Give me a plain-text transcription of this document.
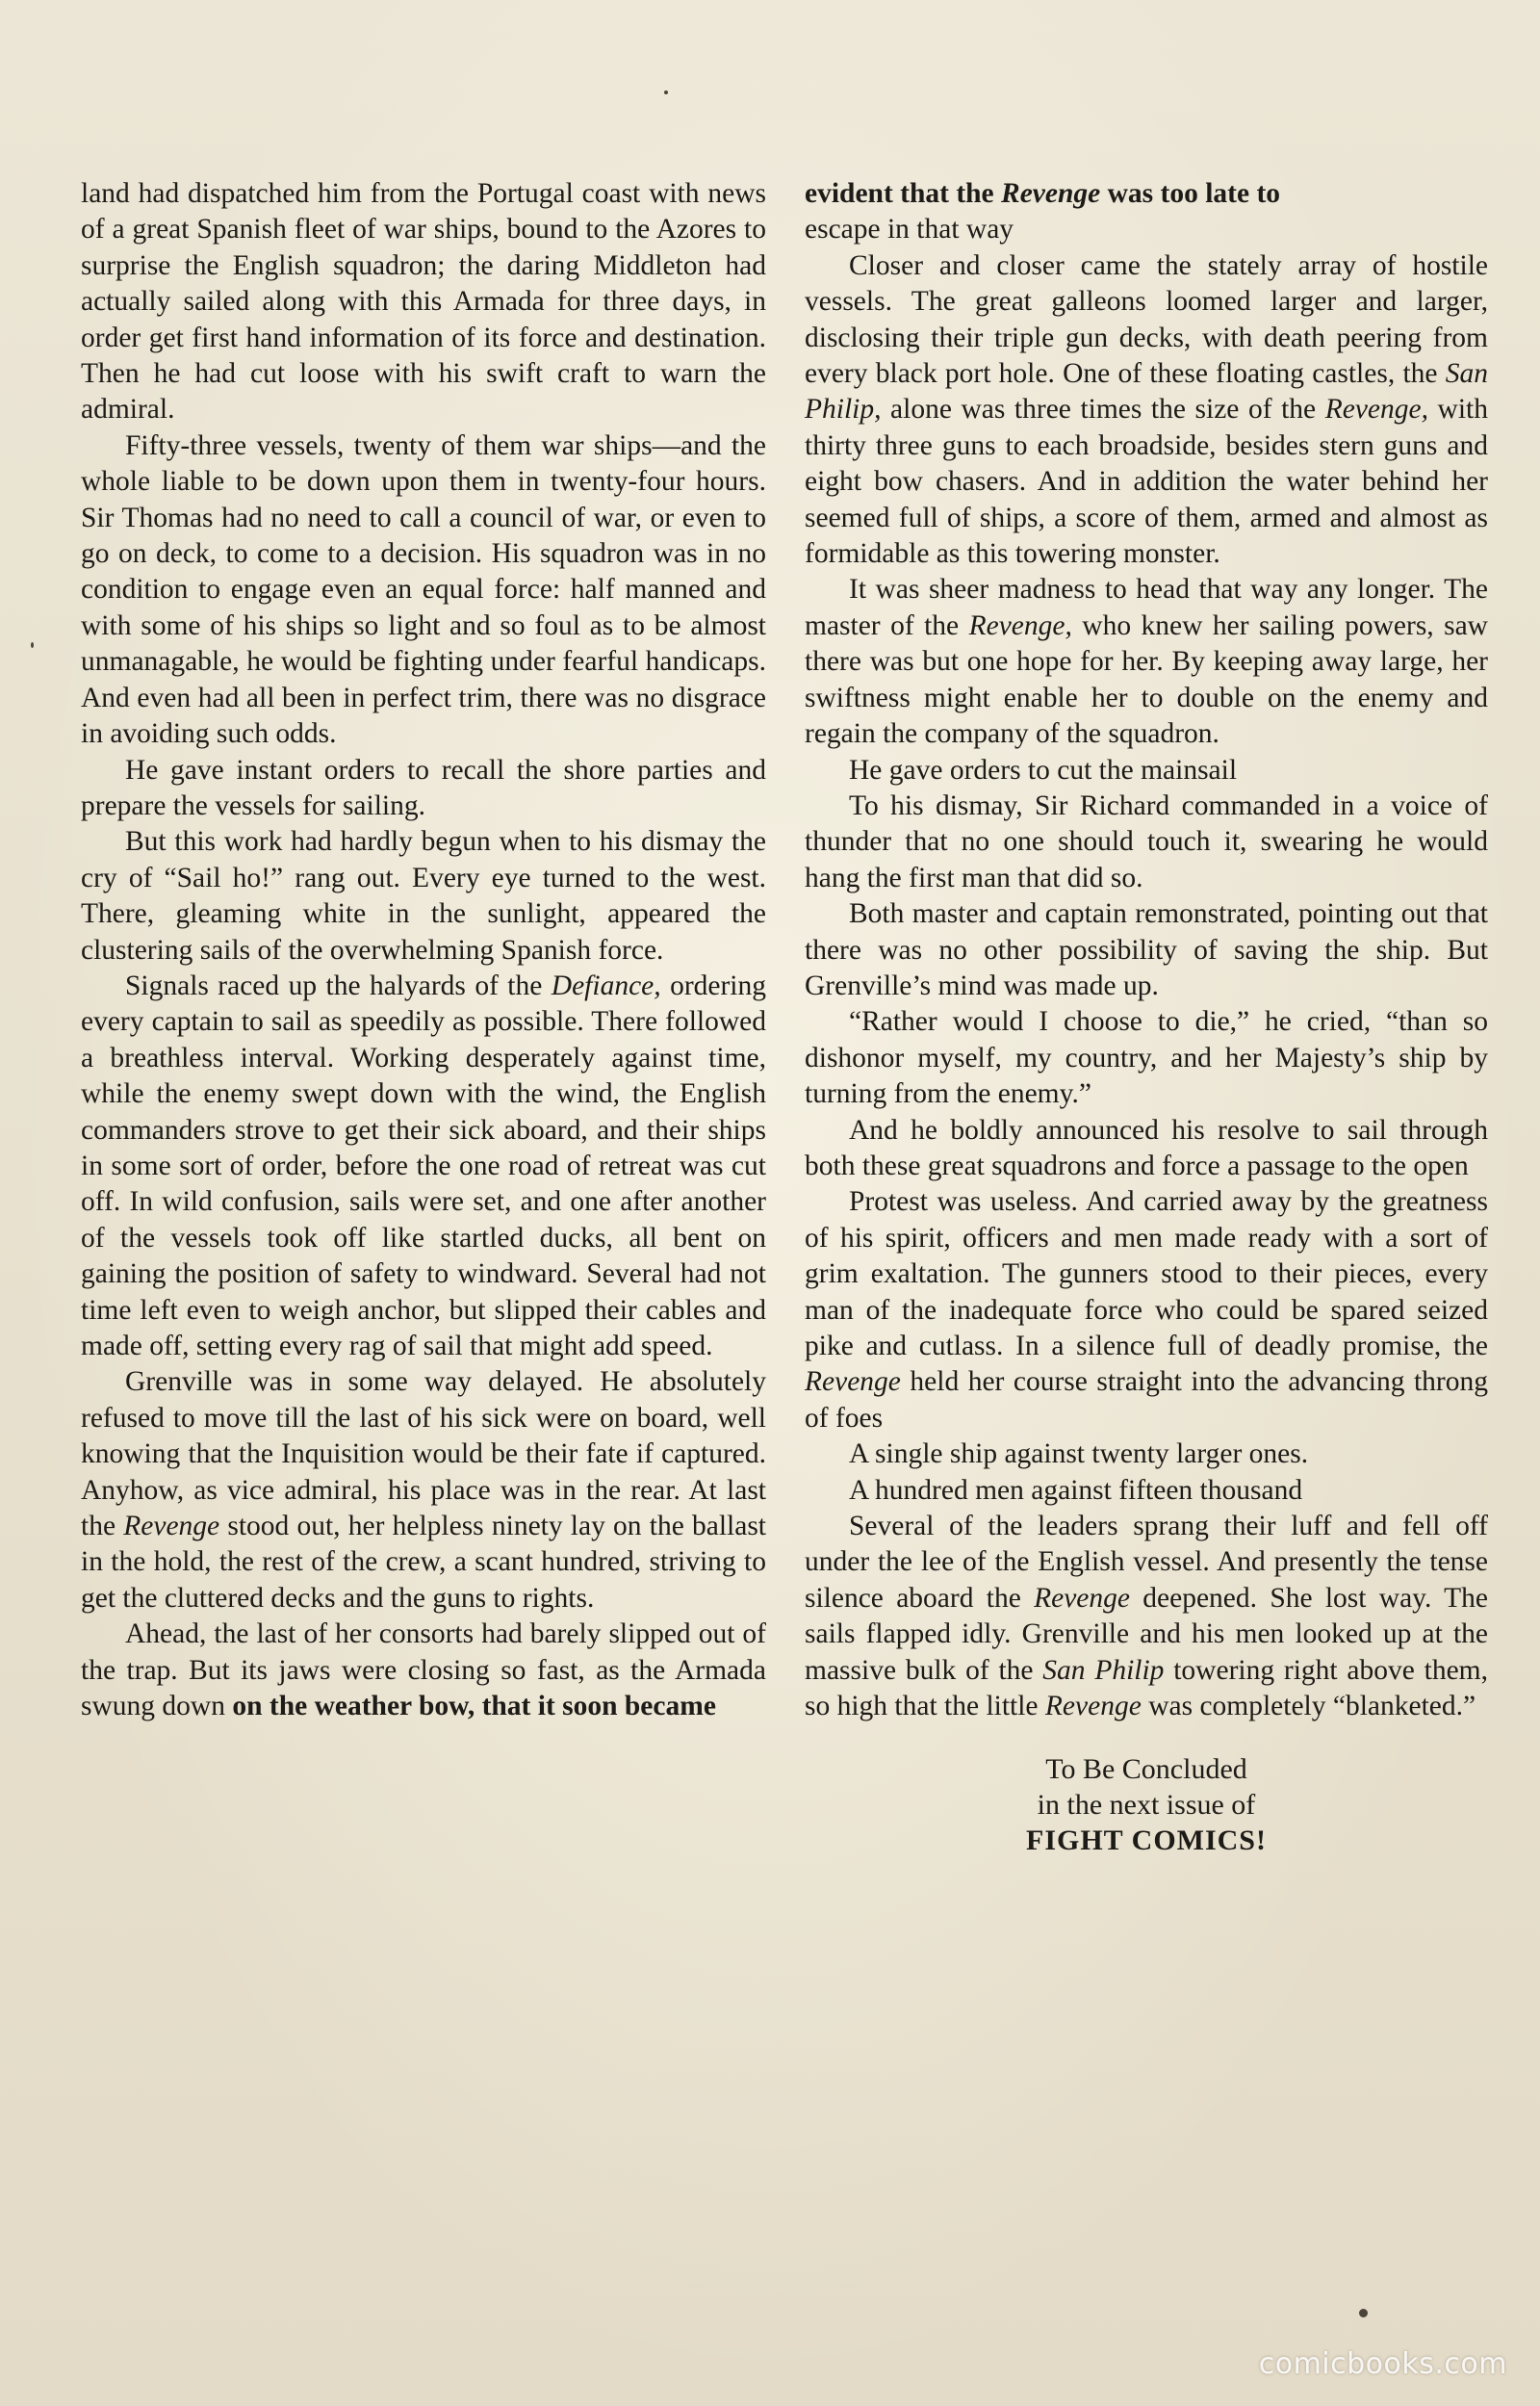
land had dispatched him from the Portugal coast with news of a great Spanish fleet of war ships, bound to the Azores to surprise the English squadron; the daring Middleton had actually sailed along with this Armada for three days, in order get first hand information of its force and destination. Then he had cut loose with his swift craft to warn the admiral.

Fifty-three vessels, twenty of them war ships—and the whole liable to be down upon them in twenty-four hours. Sir Thomas had no need to call a council of war, or even to go on deck, to come to a decision. His squadron was in no condition to engage even an equal force: half manned and with some of his ships so light and so foul as to be almost unmanagable, he would be fighting under fearful handicaps. And even had all been in perfect trim, there was no disgrace in avoiding such odds.

He gave instant orders to recall the shore parties and prepare the vessels for sailing.

But this work had hardly begun when to his dismay the cry of “Sail ho!” rang out. Every eye turned to the west. There, gleaming white in the sunlight, appeared the clustering sails of the overwhelming Spanish force.

Signals raced up the halyards of the Defiance, ordering every captain to sail as speedily as possible. There followed a breathless interval. Working desperately against time, while the enemy swept down with the wind, the English commanders strove to get their sick aboard, and their ships in some sort of order, before the one road of retreat was cut off. In wild confusion, sails were set, and one after another of the vessels took off like startled ducks, all bent on gaining the position of safety to windward. Several had not time left even to weigh anchor, but slipped their cables and made off, setting every rag of sail that might add speed.

Grenville was in some way delayed. He absolutely refused to move till the last of his sick were on board, well knowing that the Inquisition would be their fate if captured. Anyhow, as vice admiral, his place was in the rear. At last the Revenge stood out, her helpless ninety lay on the ballast in the hold, the rest of the crew, a scant hundred, striving to get the cluttered decks and the guns to rights.

Ahead, the last of her consorts had barely slipped out of the trap. But its jaws were closing so fast, as the Armada swung down on the weather bow, that it soon became

evident that the Revenge was too late to

escape in that way

Closer and closer came the stately array of hostile vessels. The great galleons loomed larger and larger, disclosing their triple gun decks, with death peering from every black port hole. One of these floating castles, the San Philip, alone was three times the size of the Revenge, with thirty three guns to each broadside, besides stern guns and eight bow chasers. And in addition the water behind her seemed full of ships, a score of them, armed and almost as formidable as this towering monster.

It was sheer madness to head that way any longer. The master of the Revenge, who knew her sailing powers, saw there was but one hope for her. By keeping away large, her swiftness might enable her to double on the enemy and regain the company of the squadron.

He gave orders to cut the mainsail

To his dismay, Sir Richard commanded in a voice of thunder that no one should touch it, swearing he would hang the first man that did so.

Both master and captain remonstrated, pointing out that there was no other possibility of saving the ship. But Grenville’s mind was made up.

“Rather would I choose to die,” he cried, “than so dishonor myself, my country, and her Majesty’s ship by turning from the enemy.”

And he boldly announced his resolve to sail through both these great squadrons and force a passage to the open

Protest was useless. And carried away by the greatness of his spirit, officers and men made ready with a sort of grim exaltation. The gunners stood to their pieces, every man of the inadequate force who could be spared seized pike and cutlass. In a silence full of deadly promise, the Revenge held her course straight into the advancing throng of foes

A single ship against twenty larger ones.

A hundred men against fifteen thousand

Several of the leaders sprang their luff and fell off under the lee of the English vessel. And presently the tense silence aboard the Revenge deepened. She lost way. The sails flapped idly. Grenville and his men looked up at the massive bulk of the San Philip towering right above them, so high that the little Revenge was completely “blanketed.”

To Be Concluded
in the next issue of
FIGHT COMICS!
comicbooks.com
